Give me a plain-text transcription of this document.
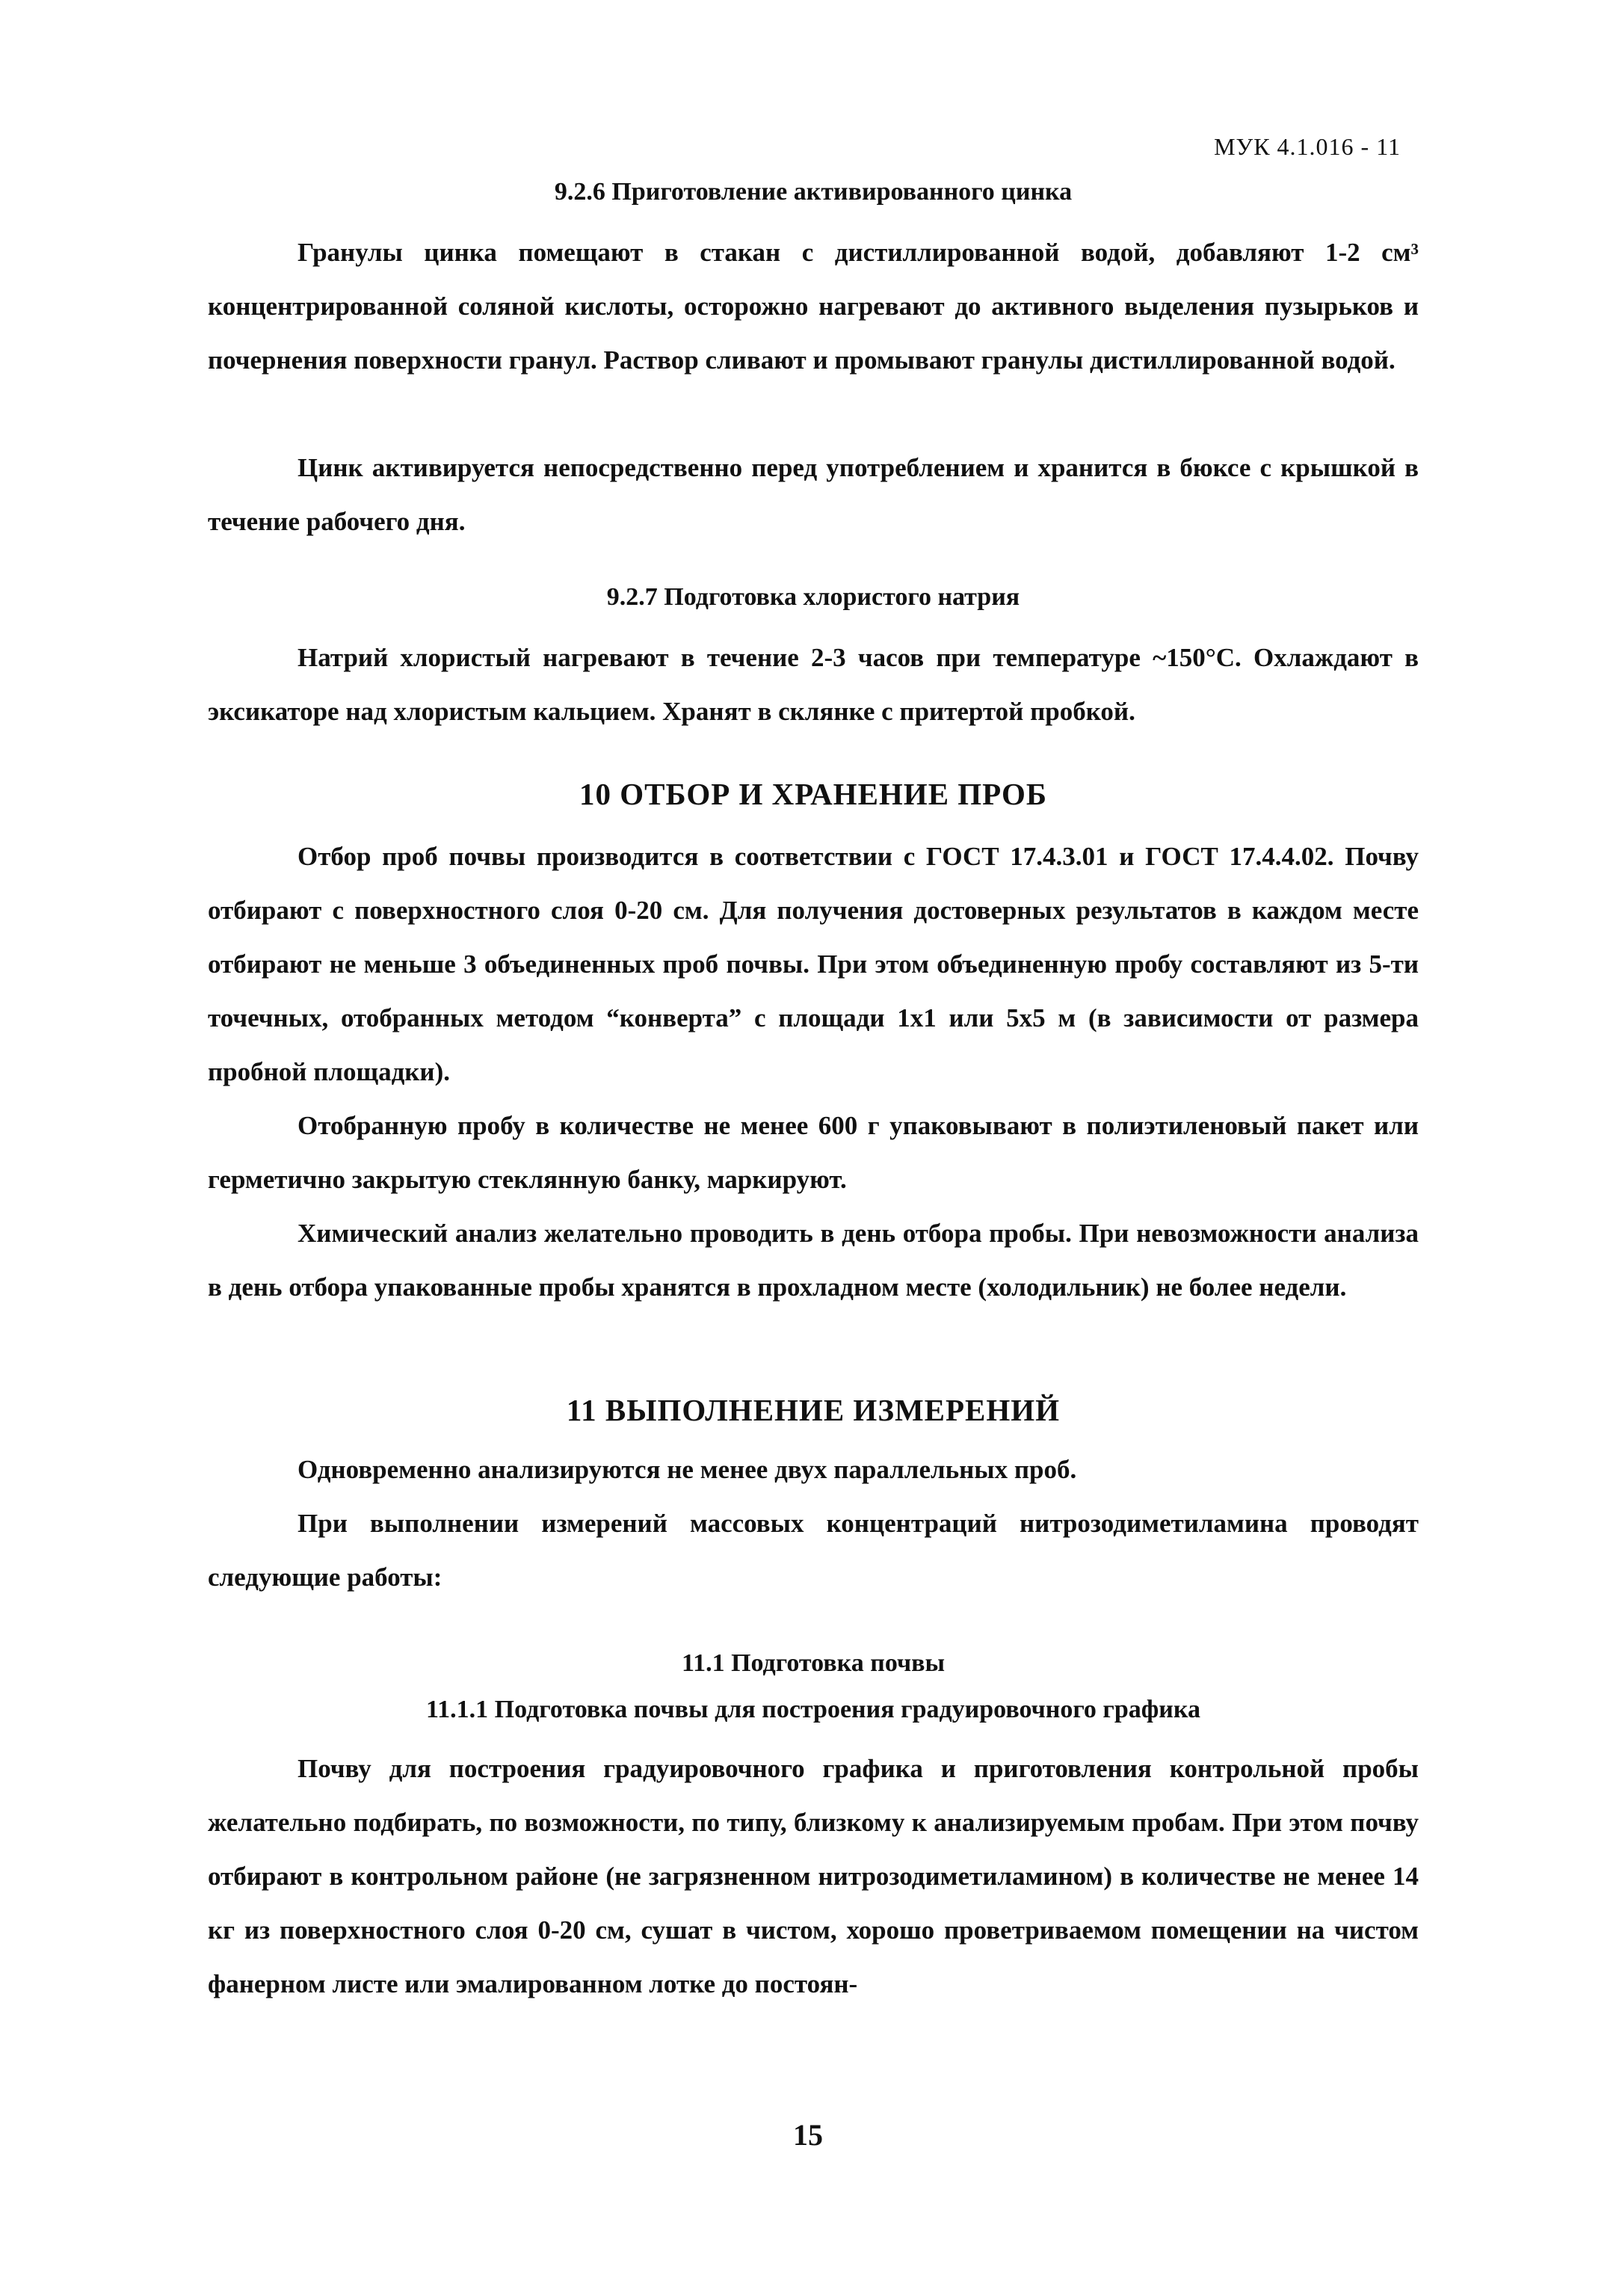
МУК 4.1.016 - 11
9.2.6 Приготовление активированного цинка

Гранулы цинка помещают в стакан с дистиллированной водой, добавляют 1-2 см³ концентрированной соляной кислоты, осторожно нагревают до активного выделения пузырьков и почернения поверхности гранул. Раствор сливают и промывают гранулы дистиллированной водой.

Цинк активируется непосредственно перед употреблением и хранится в бюксе с крышкой в течение рабочего дня.

9.2.7 Подготовка хлористого натрия

Натрий хлористый нагревают в течение 2-3 часов при температуре ~150°С. Охлаждают в эксикаторе над хлористым кальцием. Хранят в склянке с притертой пробкой.

10 ОТБОР И ХРАНЕНИЕ ПРОБ

Отбор проб почвы производится в соответствии с ГОСТ 17.4.3.01 и ГОСТ 17.4.4.02. Почву отбирают с поверхностного слоя 0-20 см. Для получения достоверных результатов в каждом месте отбирают не меньше 3 объединенных проб почвы. При этом объединенную пробу составляют из 5-ти точечных, отобранных методом “конверта” с площади 1х1 или 5х5 м (в зависимости от размера пробной площадки).

Отобранную пробу в количестве не менее 600 г упаковывают в полиэтиленовый пакет или герметично закрытую стеклянную банку, маркируют.

Химический анализ желательно проводить в день отбора пробы. При невозможности анализа в день отбора упакованные пробы хранятся в прохладном месте (холодильник) не более недели.

11 ВЫПОЛНЕНИЕ ИЗМЕРЕНИЙ

Одновременно анализируются не менее двух параллельных проб.

При выполнении измерений массовых концентраций нитрозодиметиламина проводят следующие работы:

11.1 Подготовка почвы
11.1.1 Подготовка почвы для построения градуировочного графика

Почву для построения градуировочного графика и приготовления контрольной пробы желательно подбирать, по возможности, по типу, близкому к анализируемым пробам. При этом почву отбирают в контрольном районе (не загрязненном нитрозодиметиламином) в количестве не менее 14 кг из поверхностного слоя 0-20 см, сушат в чистом, хорошо проветриваемом помещении на чистом фанерном листе или эмалированном лотке до постоян-

15
